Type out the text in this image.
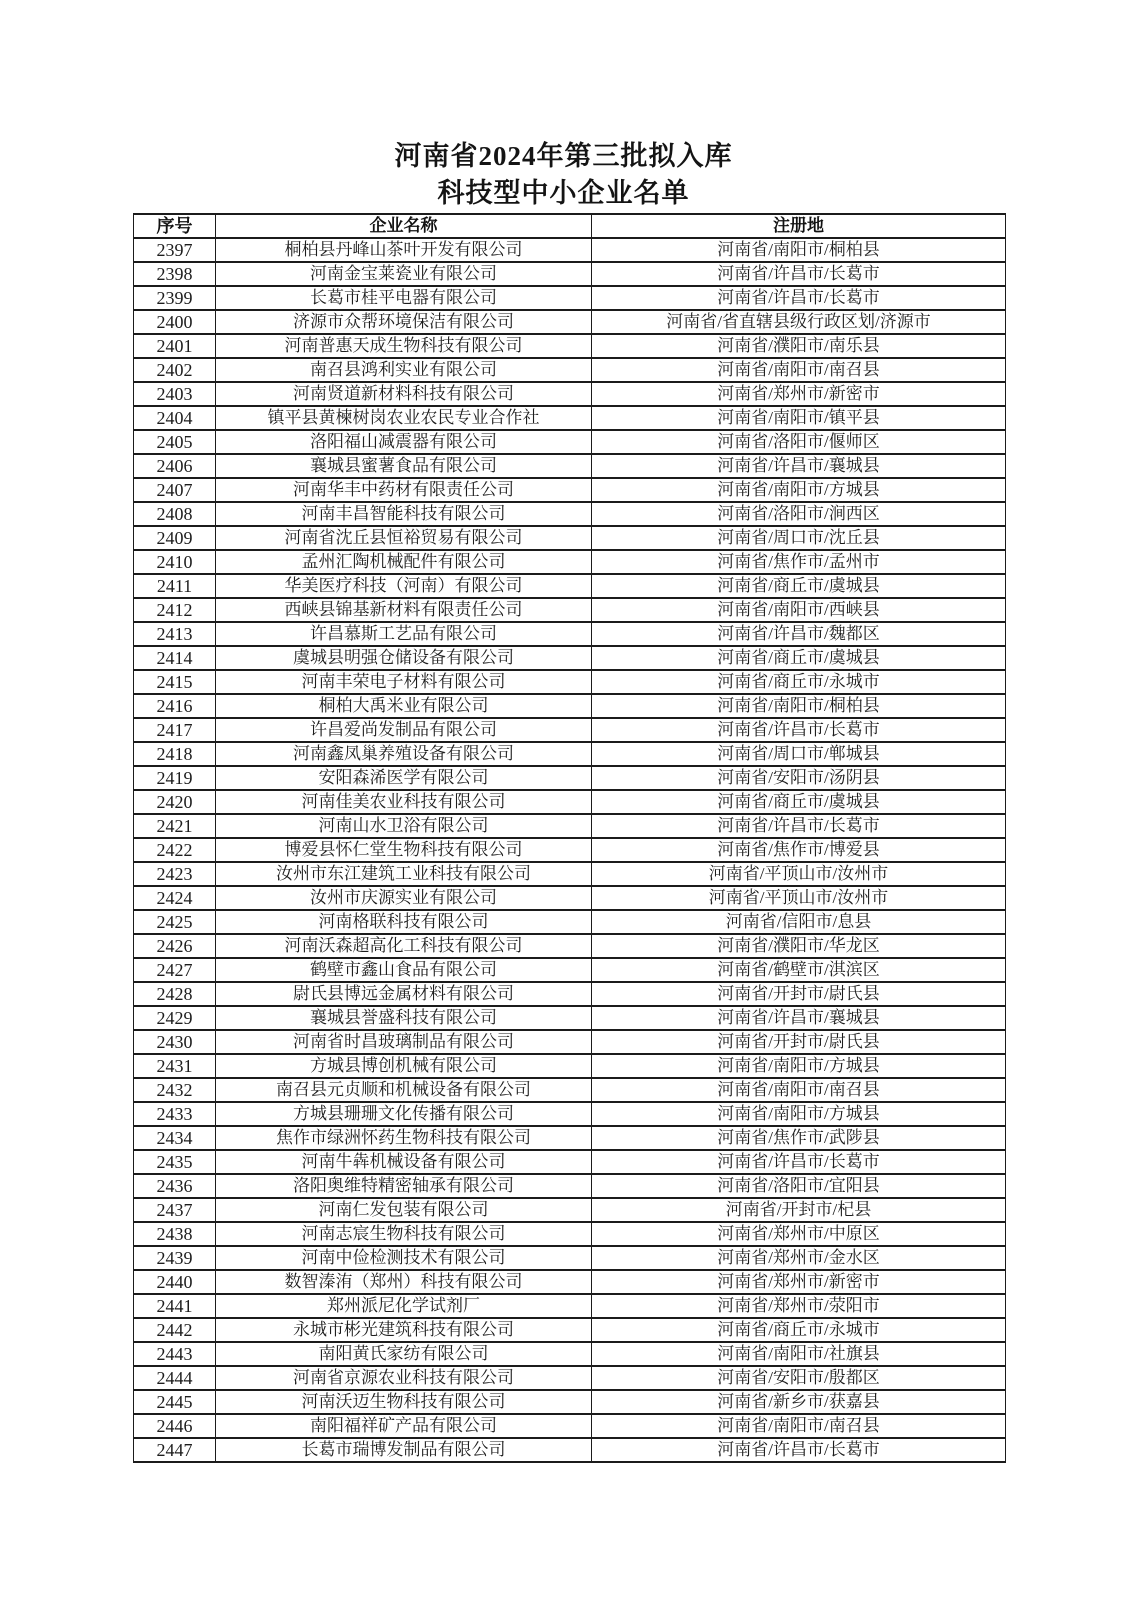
河南省2024年第三批拟入库
科技型中小企业名单
序号	企业名称	注册地
2397	桐柏县丹峰山茶叶开发有限公司	河南省/南阳市/桐柏县
2398	河南金宝莱瓷业有限公司	河南省/许昌市/长葛市
2399	长葛市桂平电器有限公司	河南省/许昌市/长葛市
2400	济源市众帮环境保洁有限公司	河南省/省直辖县级行政区划/济源市
2401	河南普惠天成生物科技有限公司	河南省/濮阳市/南乐县
2402	南召县鸿利实业有限公司	河南省/南阳市/南召县
2403	河南贤道新材料科技有限公司	河南省/郑州市/新密市
2404	镇平县黄楝树岗农业农民专业合作社	河南省/南阳市/镇平县
2405	洛阳福山减震器有限公司	河南省/洛阳市/偃师区
2406	襄城县蜜薯食品有限公司	河南省/许昌市/襄城县
2407	河南华丰中药材有限责任公司	河南省/南阳市/方城县
2408	河南丰昌智能科技有限公司	河南省/洛阳市/涧西区
2409	河南省沈丘县恒裕贸易有限公司	河南省/周口市/沈丘县
2410	孟州汇陶机械配件有限公司	河南省/焦作市/孟州市
2411	华美医疗科技（河南）有限公司	河南省/商丘市/虞城县
2412	西峡县锦基新材料有限责任公司	河南省/南阳市/西峡县
2413	许昌慕斯工艺品有限公司	河南省/许昌市/魏都区
2414	虞城县明强仓储设备有限公司	河南省/商丘市/虞城县
2415	河南丰荣电子材料有限公司	河南省/商丘市/永城市
2416	桐柏大禹米业有限公司	河南省/南阳市/桐柏县
2417	许昌爱尚发制品有限公司	河南省/许昌市/长葛市
2418	河南鑫凤巢养殖设备有限公司	河南省/周口市/郸城县
2419	安阳森浠医学有限公司	河南省/安阳市/汤阴县
2420	河南佳美农业科技有限公司	河南省/商丘市/虞城县
2421	河南山水卫浴有限公司	河南省/许昌市/长葛市
2422	博爱县怀仁堂生物科技有限公司	河南省/焦作市/博爱县
2423	汝州市东江建筑工业科技有限公司	河南省/平顶山市/汝州市
2424	汝州市庆源实业有限公司	河南省/平顶山市/汝州市
2425	河南格联科技有限公司	河南省/信阳市/息县
2426	河南沃森超高化工科技有限公司	河南省/濮阳市/华龙区
2427	鹤壁市鑫山食品有限公司	河南省/鹤壁市/淇滨区
2428	尉氏县博远金属材料有限公司	河南省/开封市/尉氏县
2429	襄城县誉盛科技有限公司	河南省/许昌市/襄城县
2430	河南省时昌玻璃制品有限公司	河南省/开封市/尉氏县
2431	方城县博创机械有限公司	河南省/南阳市/方城县
2432	南召县元贞顺和机械设备有限公司	河南省/南阳市/南召县
2433	方城县珊珊文化传播有限公司	河南省/南阳市/方城县
2434	焦作市绿洲怀药生物科技有限公司	河南省/焦作市/武陟县
2435	河南牛犇机械设备有限公司	河南省/许昌市/长葛市
2436	洛阳奥维特精密轴承有限公司	河南省/洛阳市/宜阳县
2437	河南仁发包装有限公司	河南省/开封市/杞县
2438	河南志宸生物科技有限公司	河南省/郑州市/中原区
2439	河南中俭检测技术有限公司	河南省/郑州市/金水区
2440	数智溱洧（郑州）科技有限公司	河南省/郑州市/新密市
2441	郑州派尼化学试剂厂	河南省/郑州市/荥阳市
2442	永城市彬光建筑科技有限公司	河南省/商丘市/永城市
2443	南阳黄氏家纺有限公司	河南省/南阳市/社旗县
2444	河南省京源农业科技有限公司	河南省/安阳市/殷都区
2445	河南沃迈生物科技有限公司	河南省/新乡市/获嘉县
2446	南阳福祥矿产品有限公司	河南省/南阳市/南召县
2447	长葛市瑞博发制品有限公司	河南省/许昌市/长葛市
